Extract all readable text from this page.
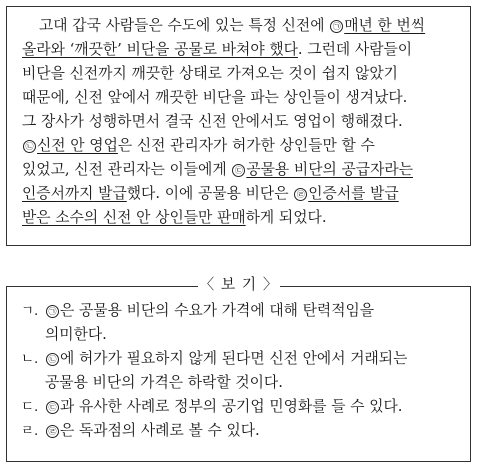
고대 갑국 사람들은 수도에 있는 특정 신전에 ㉠ 매년 한 번씩
올라와 ‘깨끗한’ 비단을 공물로 바쳐야 했다. 그런데 사람들이
비단을 신전까지 깨끗한 상태로 가져오는 것이 쉽지 않았기
때문에, 신전 앞에서 깨끗한 비단을 파는 상인들이 생겨났다.
그 장사가 성행하면서 결국 신전 안에서도 영업이 행해졌다.
㉡ 신전 안 영업은 신전 관리자가 허가한 상인들만 할 수
있었고, 신전 관리자는 이들에게 ㉢ 공물용 비단의 공급자라는
인증서까지 발급했다. 이에 공물용 비단은 ㉣ 인증서를 발급
받은 소수의 신전 안 상인들만 판매하게 되었다.
ㄱ.	㉠ 은 공물용 비단의 수요가 가격에 대해 탄력적임을
의미한다.
ㄴ.	㉡ 에 허가가 필요하지 않게 된다면 신전 안에서 거래되는
공물용 비단의 가격은 하락할 것이다.
ㄷ.	㉢ 과 유사한 사례로 정부의 공기업 민영화를 들 수 있다.
ㄹ.	㉣ 은 독과점의 사례로 볼 수 있다.
〈 보 기 〉
